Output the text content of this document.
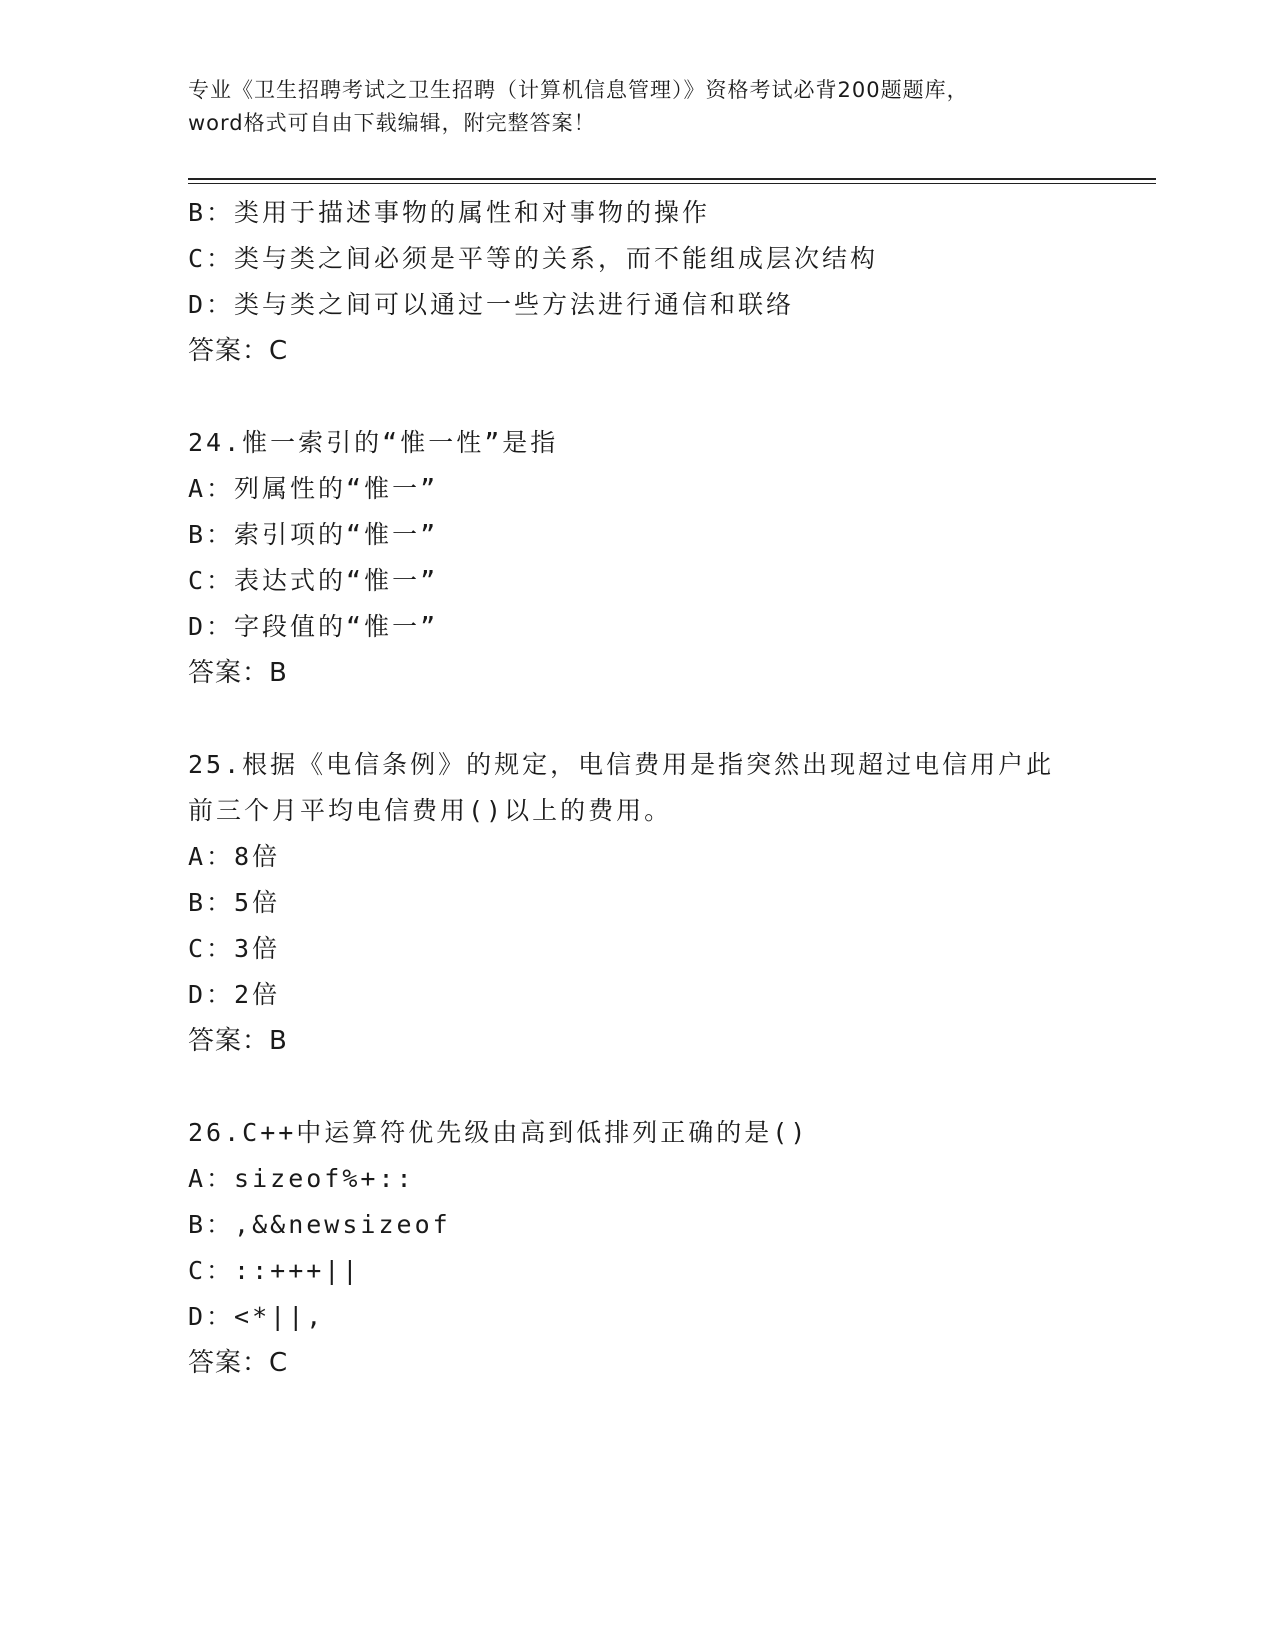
专业《卫生招聘考试之卫生招聘（计算机信息管理）》资格考试必背200题题库，
word格式可自由下载编辑，附完整答案！
B：类用于描述事物的属性和对事物的操作
C：类与类之间必须是平等的关系，而不能组成层次结构
D：类与类之间可以通过一些方法进行通信和联络
答案：C
24.惟一索引的“惟一性”是指
A：列属性的“惟一”
B：索引项的“惟一”
C：表达式的“惟一”
D：字段值的“惟一”
答案：B
25.根据《电信条例》的规定，电信费用是指突然出现超过电信用户此前三个月平均电信费用()以上的费用。
A：8倍
B：5倍
C：3倍
D：2倍
答案：B
26.C++中运算符优先级由高到低排列正确的是()
A：sizeof%+::
B：,&&newsizeof
C：::+++||
D：<*||,
答案：C
